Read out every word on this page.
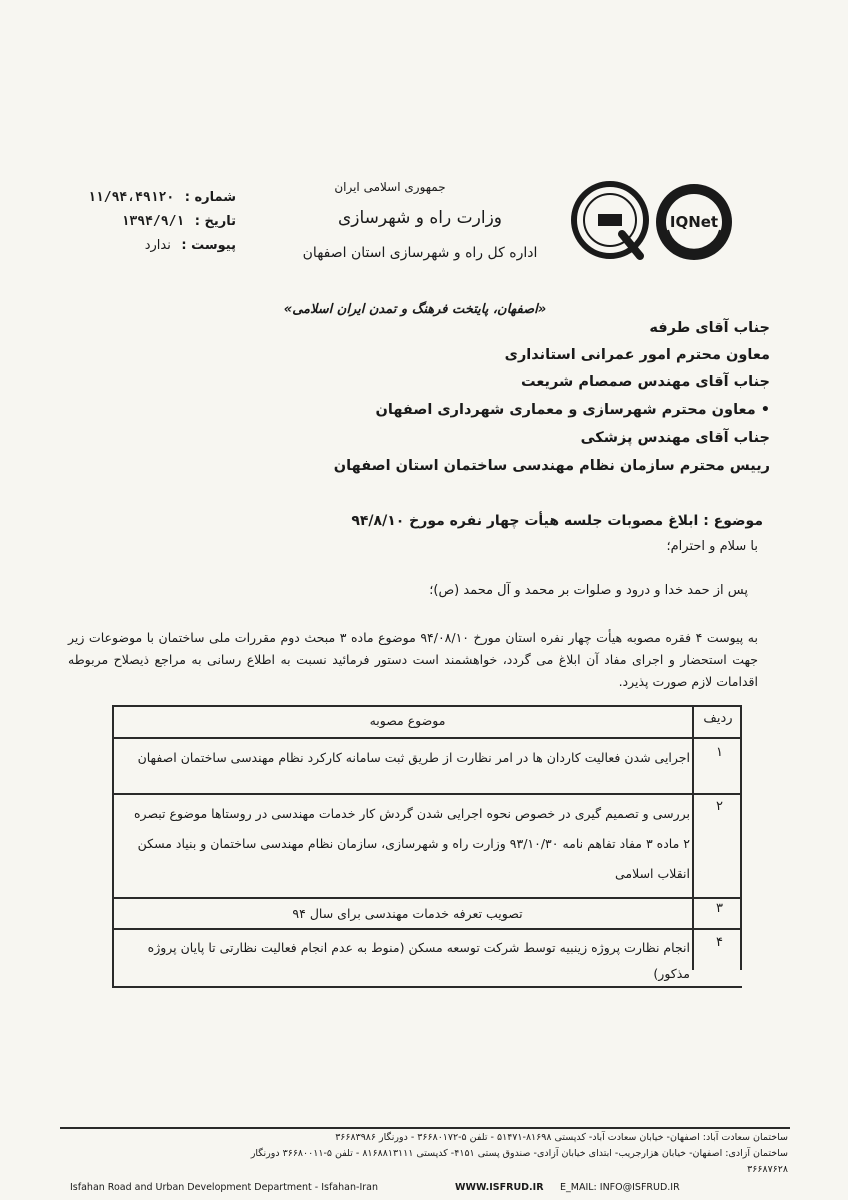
شماره : ۱۱/۹۴،۴۹۱۲۰
تاریخ : ۱۳۹۴/۹/۱
پیوست : ندارد
جمهوری اسلامی ایران
وزارت راه و شهرسازی
اداره کل راه و شهرسازی استان اصفهان
IQNet
«اصفهان، پایتخت فرهنگ و تمدن ایران اسلامی»
جناب آقای طرفه
معاون محترم امور عمرانی استانداری
جناب آقای مهندس صمصام شریعت
• معاون محترم شهرسازی و معماری شهرداری اصفهان
جناب آقای مهندس پزشکی
رییس محترم سازمان نظام مهندسی ساختمان استان اصفهان
موضوع : ابلاغ مصوبات جلسه هیأت چهار نفره مورخ ۹۴/۸/۱۰
با سلام و احترام؛
پس از حمد خدا و درود و صلوات بر محمد و آل محمد (ص)؛
به پیوست ۴ فقره مصوبه هیأت چهار نفره استان مورخ ۹۴/۰۸/۱۰ موضوع ماده ۳ مبحث دوم مقررات ملی ساختمان با موضوعات زیر جهت استحضار و اجرای مفاد آن ابلاغ می گردد، خواهشمند است دستور فرمائید نسبت به اطلاع رسانی به مراجع ذیصلاح مربوطه اقدامات لازم صورت پذیرد.
ردیف
موضوع مصوبه
۱
اجرایی شدن فعالیت کاردان ها در امر نظارت از طریق ثبت سامانه کارکرد نظام مهندسی ساختمان اصفهان
۲
بررسی و تصمیم گیری در خصوص نحوه اجرایی شدن گردش کار خدمات مهندسی در روستاها موضوع تبصره ۲ ماده ۳ مفاد تفاهم نامه ۹۳/۱۰/۳۰ وزارت راه و شهرسازی، سازمان نظام مهندسی ساختمان و بنیاد مسکن انقلاب اسلامی
۳
تصویب تعرفه خدمات مهندسی برای سال ۹۴
۴
انجام نظارت پروژه زینبیه توسط شرکت توسعه مسکن (منوط به عدم انجام فعالیت نظارتی تا پایان پروژه مذکور)
ساختمان سعادت آباد: اصفهان- خیابان سعادت آباد- کدپستی ۸۱۶۹۸-۵۱۴۷۱ - تلفن ۵-۳۶۶۸۰۱۷۲ - دورنگار ۳۶۶۸۳۹۸۶
ساختمان آزادی: اصفهان- خیابان هزارجریب- ابتدای خیابان آزادی- صندوق پستی ۴۱۵۱- کدپستی ۸۱۶۸۸۱۳۱۱۱ - تلفن ۵-۳۶۶۸۰۰۱۱ دورنگار
۳۶۶۸۷۶۲۸
Isfahan Road and Urban Development Department - Isfahan-Iran	WWW.ISFRUD.IR E_MAIL: INFO@ISFRUD.IR
